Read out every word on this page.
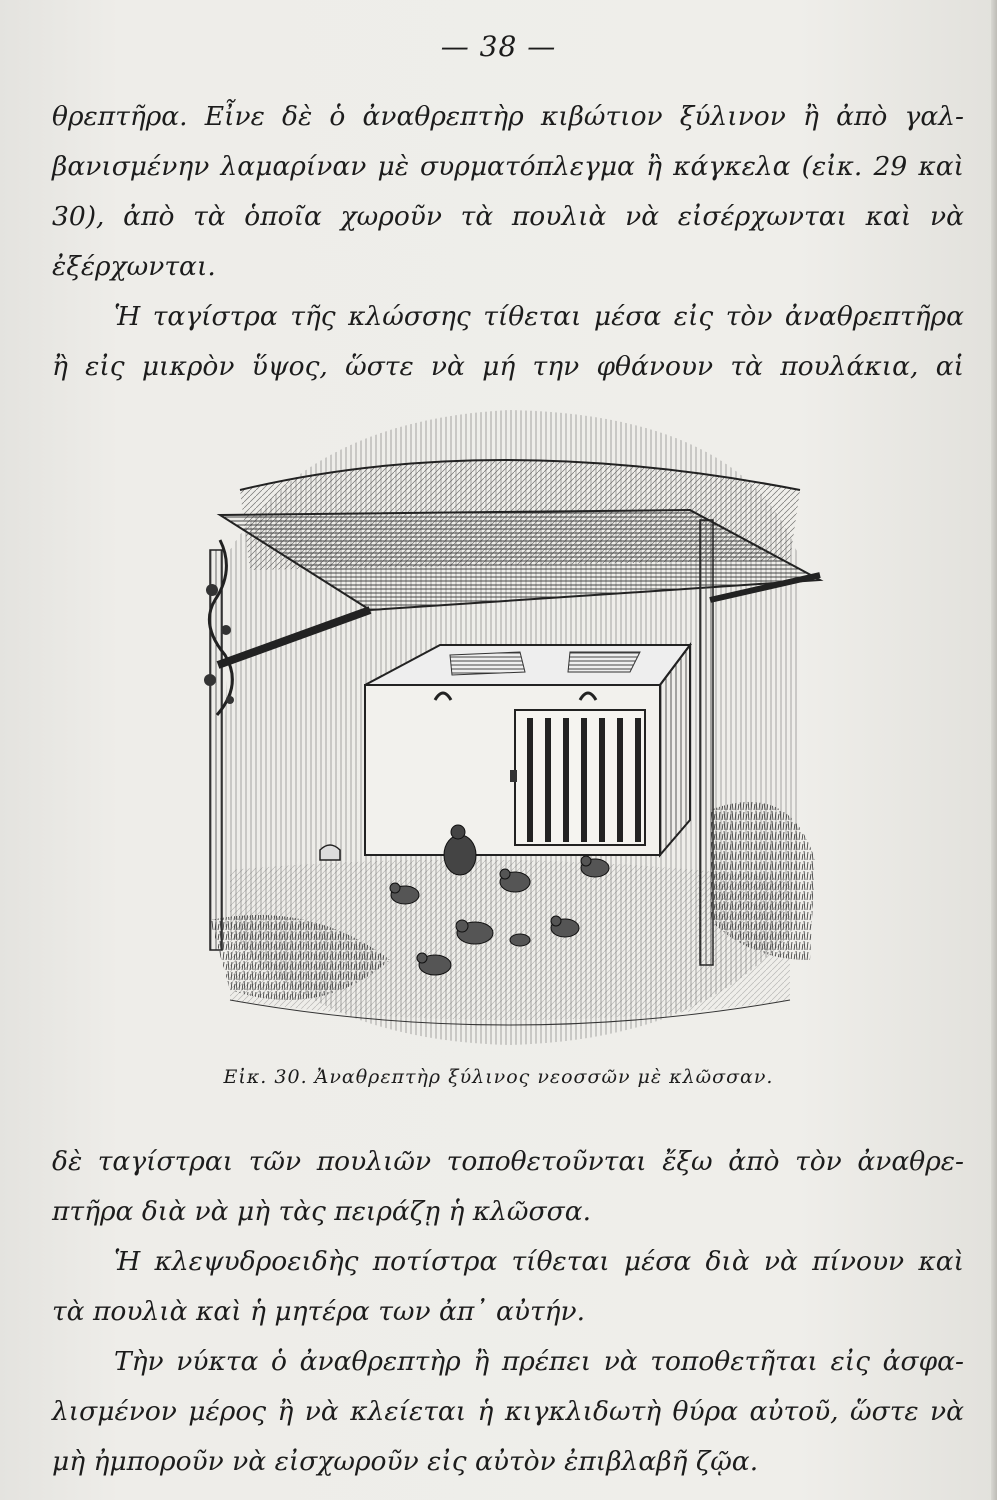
— 38 —
θρεπτῆρα. Εἶνε δὲ ὁ ἀναθρεπτὴρ κιβώτιον ξύλινον ἢ ἀπὸ γαλ-
βανισμένην λαμαρίναν μὲ συρματόπλεγμα ἢ κάγκελα (εἰκ. 29 καὶ
30), ἀπὸ τὰ ὁποῖα χωροῦν τὰ πουλιὰ νὰ εἰσέρχωνται καὶ νὰ
ἐξέρχωνται.
Ἡ ταγίστρα τῆς κλώσσης τίθεται μέσα εἰς τὸν ἀναθρεπτῆρα
ἢ εἰς μικρὸν ὕψος, ὥστε νὰ μή την φθάνουν τὰ πουλάκια, αἱ
Εἰκ. 30. Ἀναθρεπτὴρ ξύλινος νεοσσῶν μὲ κλῶσσαν.
δὲ ταγίστραι τῶν πουλιῶν τοποθετοῦνται ἔξω ἀπὸ τὸν ἀναθρε-
πτῆρα διὰ νὰ μὴ τὰς πειράζῃ ἡ κλῶσσα.
Ἡ κλεψυδροειδὴς ποτίστρα τίθεται μέσα διὰ νὰ πίνουν καὶ
τὰ πουλιὰ καὶ ἡ μητέρα των ἀπ᾽ αὐτήν.
Τὴν νύκτα ὁ ἀναθρεπτὴρ ἢ πρέπει νὰ τοποθετῆται εἰς ἀσφα-
λισμένον μέρος ἢ νὰ κλείεται ἡ κιγκλιδωτὴ θύρα αὐτοῦ, ὥστε νὰ
μὴ ἠμποροῦν νὰ εἰσχωροῦν εἰς αὐτὸν ἐπιβλαβῆ ζῷα.
